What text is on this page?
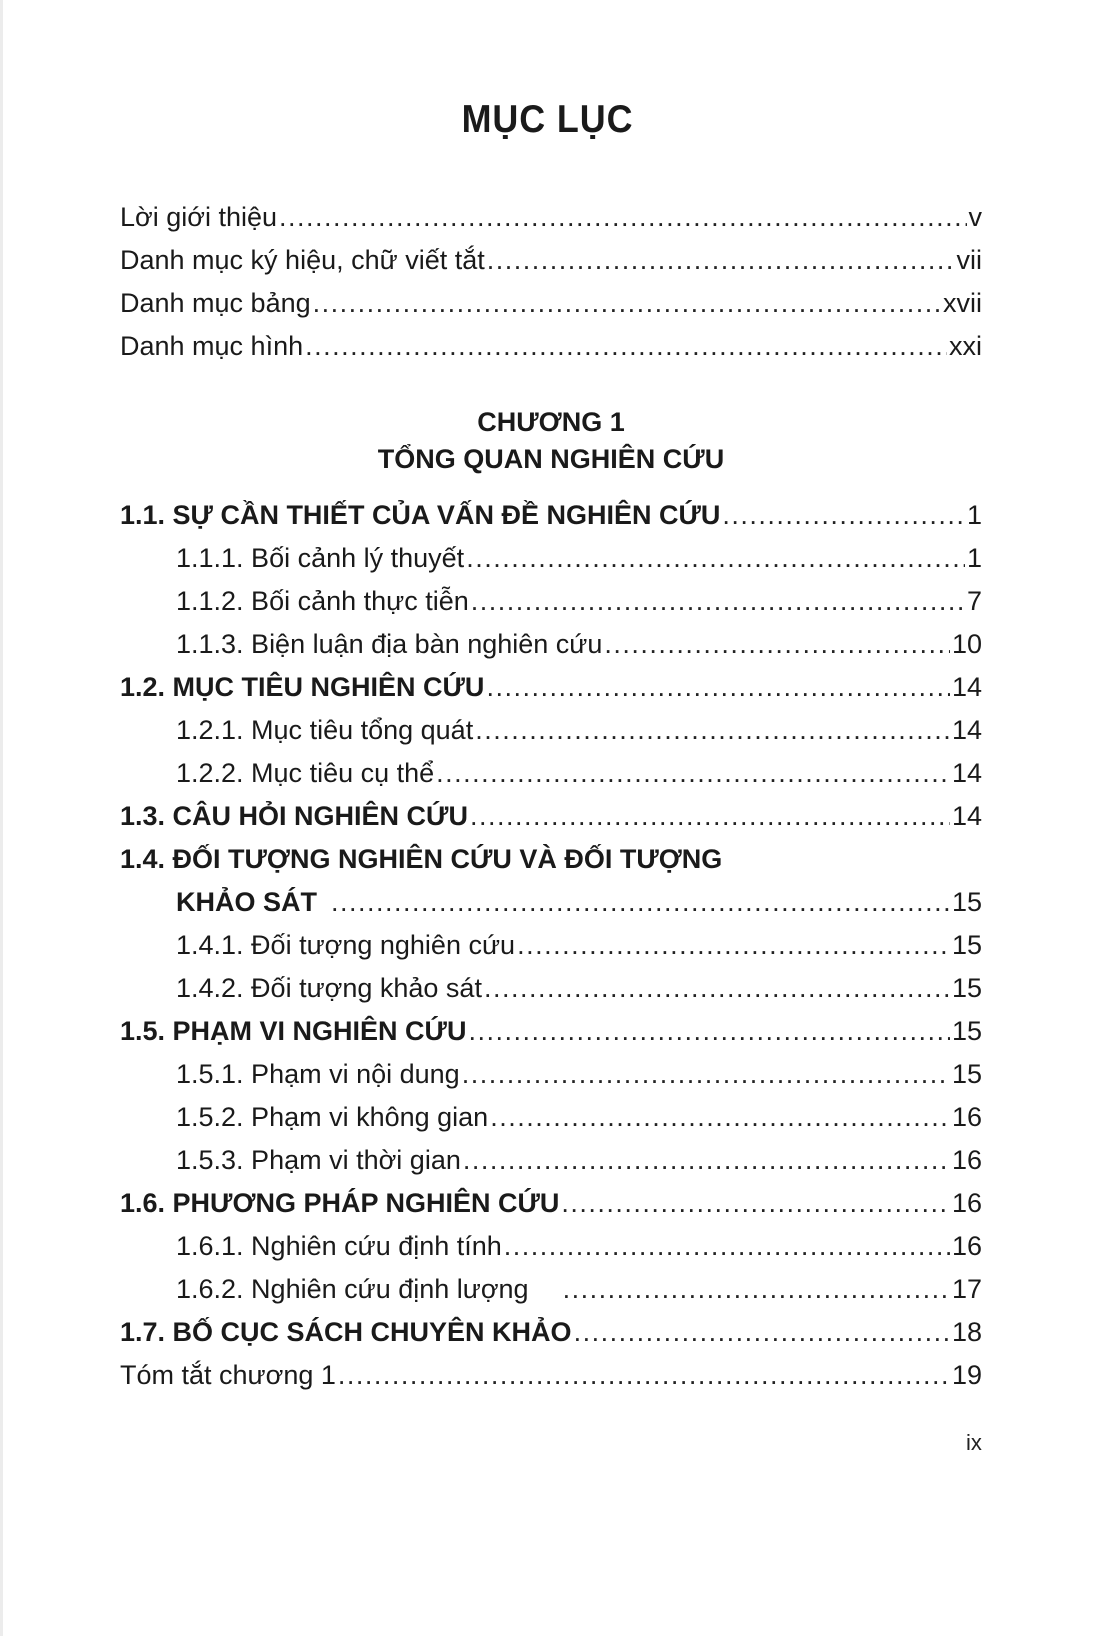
MỤC LỤC
Lời giới thiệu .....	v
Danh mục ký hiệu, chữ viết tắt .....	vii
Danh mục bảng .....	xvii
Danh mục hình .....	xxi
CHƯƠNG 1
TỔNG QUAN NGHIÊN CỨU
1.1. SỰ CẦN THIẾT CỦA VẤN ĐỀ NGHIÊN CỨU .....	1
1.1.1. Bối cảnh lý thuyết .....	1
1.1.2. Bối cảnh thực tiễn .....	7
1.1.3. Biện luận địa bàn nghiên cứu .....	10
1.2. MỤC TIÊU NGHIÊN CỨU .....	14
1.2.1. Mục tiêu tổng quát .....	14
1.2.2. Mục tiêu cụ thể .....	14
1.3. CÂU HỎI NGHIÊN CỨU .....	14
1.4. ĐỐI TƯỢNG NGHIÊN CỨU VÀ ĐỐI TƯỢNG
KHẢO SÁT .....	15
1.4.1. Đối tượng nghiên cứu .....	15
1.4.2. Đối tượng khảo sát .....	15
1.5. PHẠM VI NGHIÊN CỨU .....	15
1.5.1. Phạm vi nội dung .....	15
1.5.2. Phạm vi không gian .....	16
1.5.3. Phạm vi thời gian .....	16
1.6. PHƯƠNG PHÁP NGHIÊN CỨU .....	16
1.6.1. Nghiên cứu định tính .....	16
1.6.2. Nghiên cứu định lượng .....	17
1.7. BỐ CỤC SÁCH CHUYÊN KHẢO .....	18
Tóm tắt chương 1 .....	19
ix
